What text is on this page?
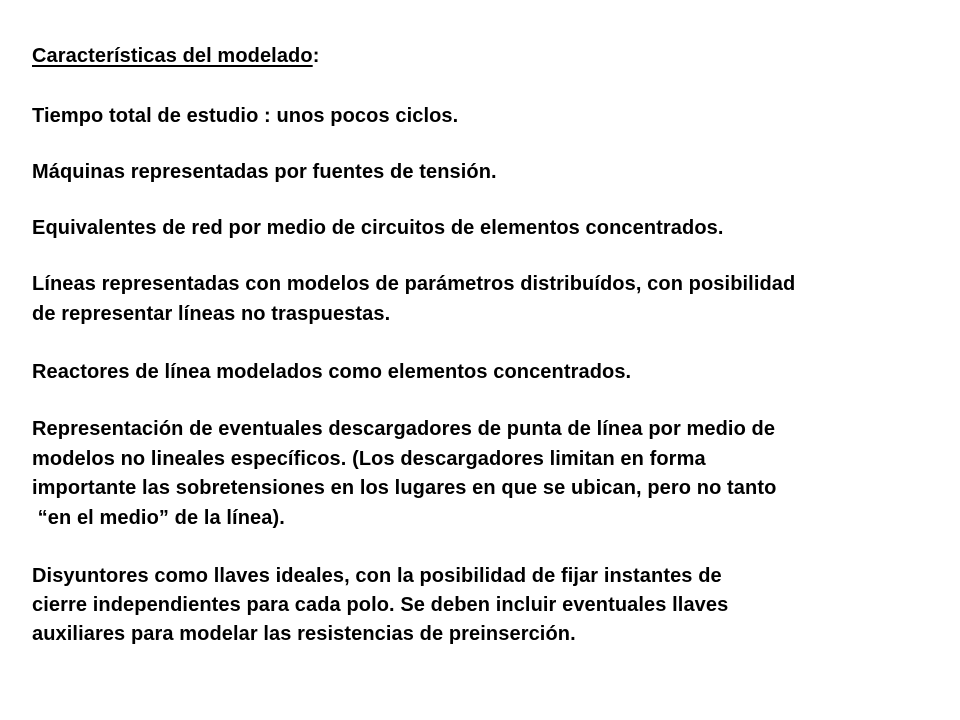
Características del modelado:
Tiempo total de estudio : unos pocos ciclos.
Máquinas representadas por fuentes de tensión.
Equivalentes de red por medio de circuitos de elementos concentrados.
Líneas representadas con modelos de parámetros distribuídos, con posibilidad
de representar líneas no traspuestas.
Reactores de línea modelados como elementos concentrados.
Representación de eventuales descargadores de punta de línea por medio de
modelos no lineales específicos. (Los descargadores limitan en forma
importante las sobretensiones en los lugares en que se ubican, pero no tanto
“en el medio” de la línea).
Disyuntores como llaves ideales, con la posibilidad de fijar instantes de
cierre independientes para cada polo. Se deben incluir eventuales llaves
auxiliares para modelar las resistencias de preinserción.
